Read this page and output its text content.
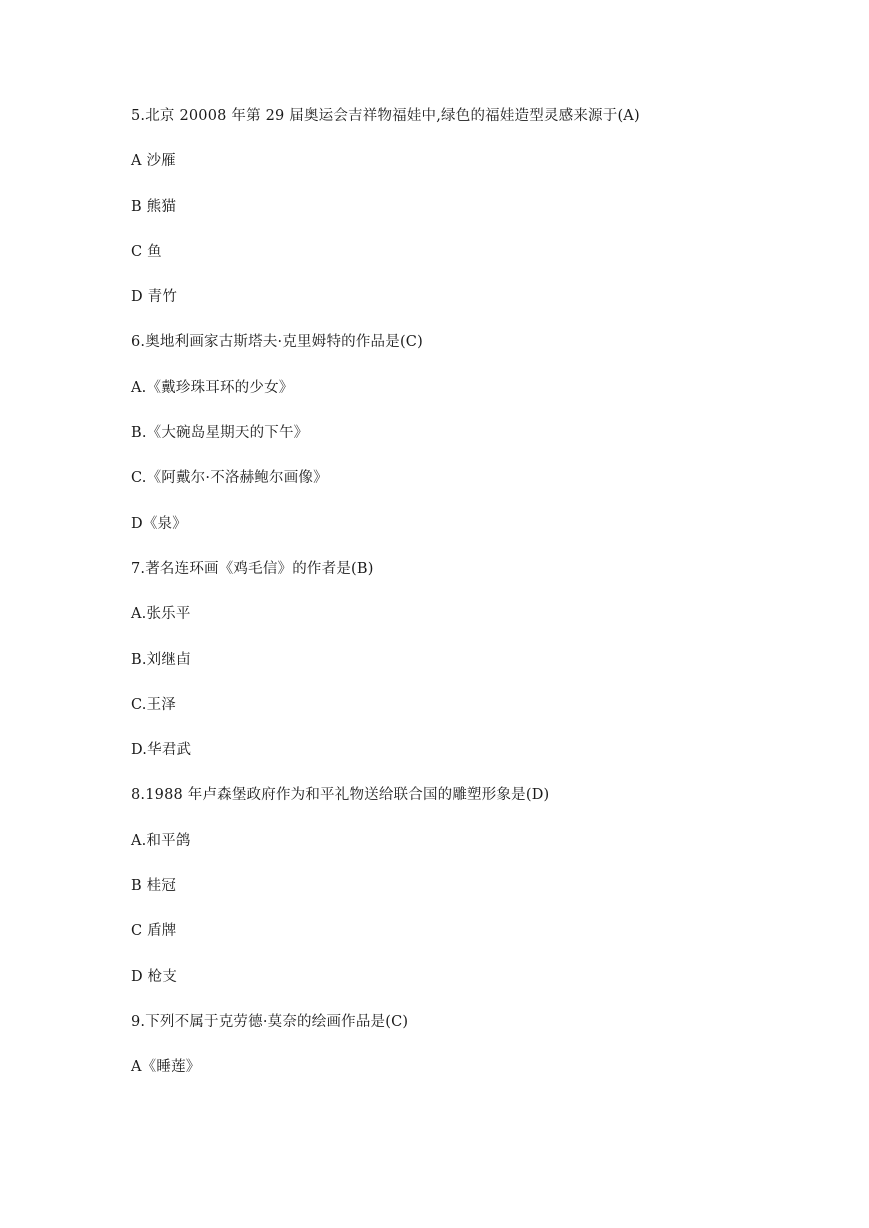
5.北京 20008 年第 29 届奥运会吉祥物福娃中,绿色的福娃造型灵感来源于(A)
A 沙雁
B 熊猫
C 鱼
D 青竹
6.奥地利画家古斯塔夫·克里姆特的作品是(C)
A.《戴珍珠耳环的少女》
B.《大碗岛星期天的下午》
C.《阿戴尔·不洛赫鲍尔画像》
D《泉》
7.著名连环画《鸡毛信》的作者是(B)
A.张乐平
B.刘继卣
C.王泽
D.华君武
8.1988 年卢森堡政府作为和平礼物送给联合国的雕塑形象是(D)
A.和平鸽
B 桂冠
C 盾牌
D 枪支
9.下列不属于克劳德·莫奈的绘画作品是(C)
A《睡莲》
